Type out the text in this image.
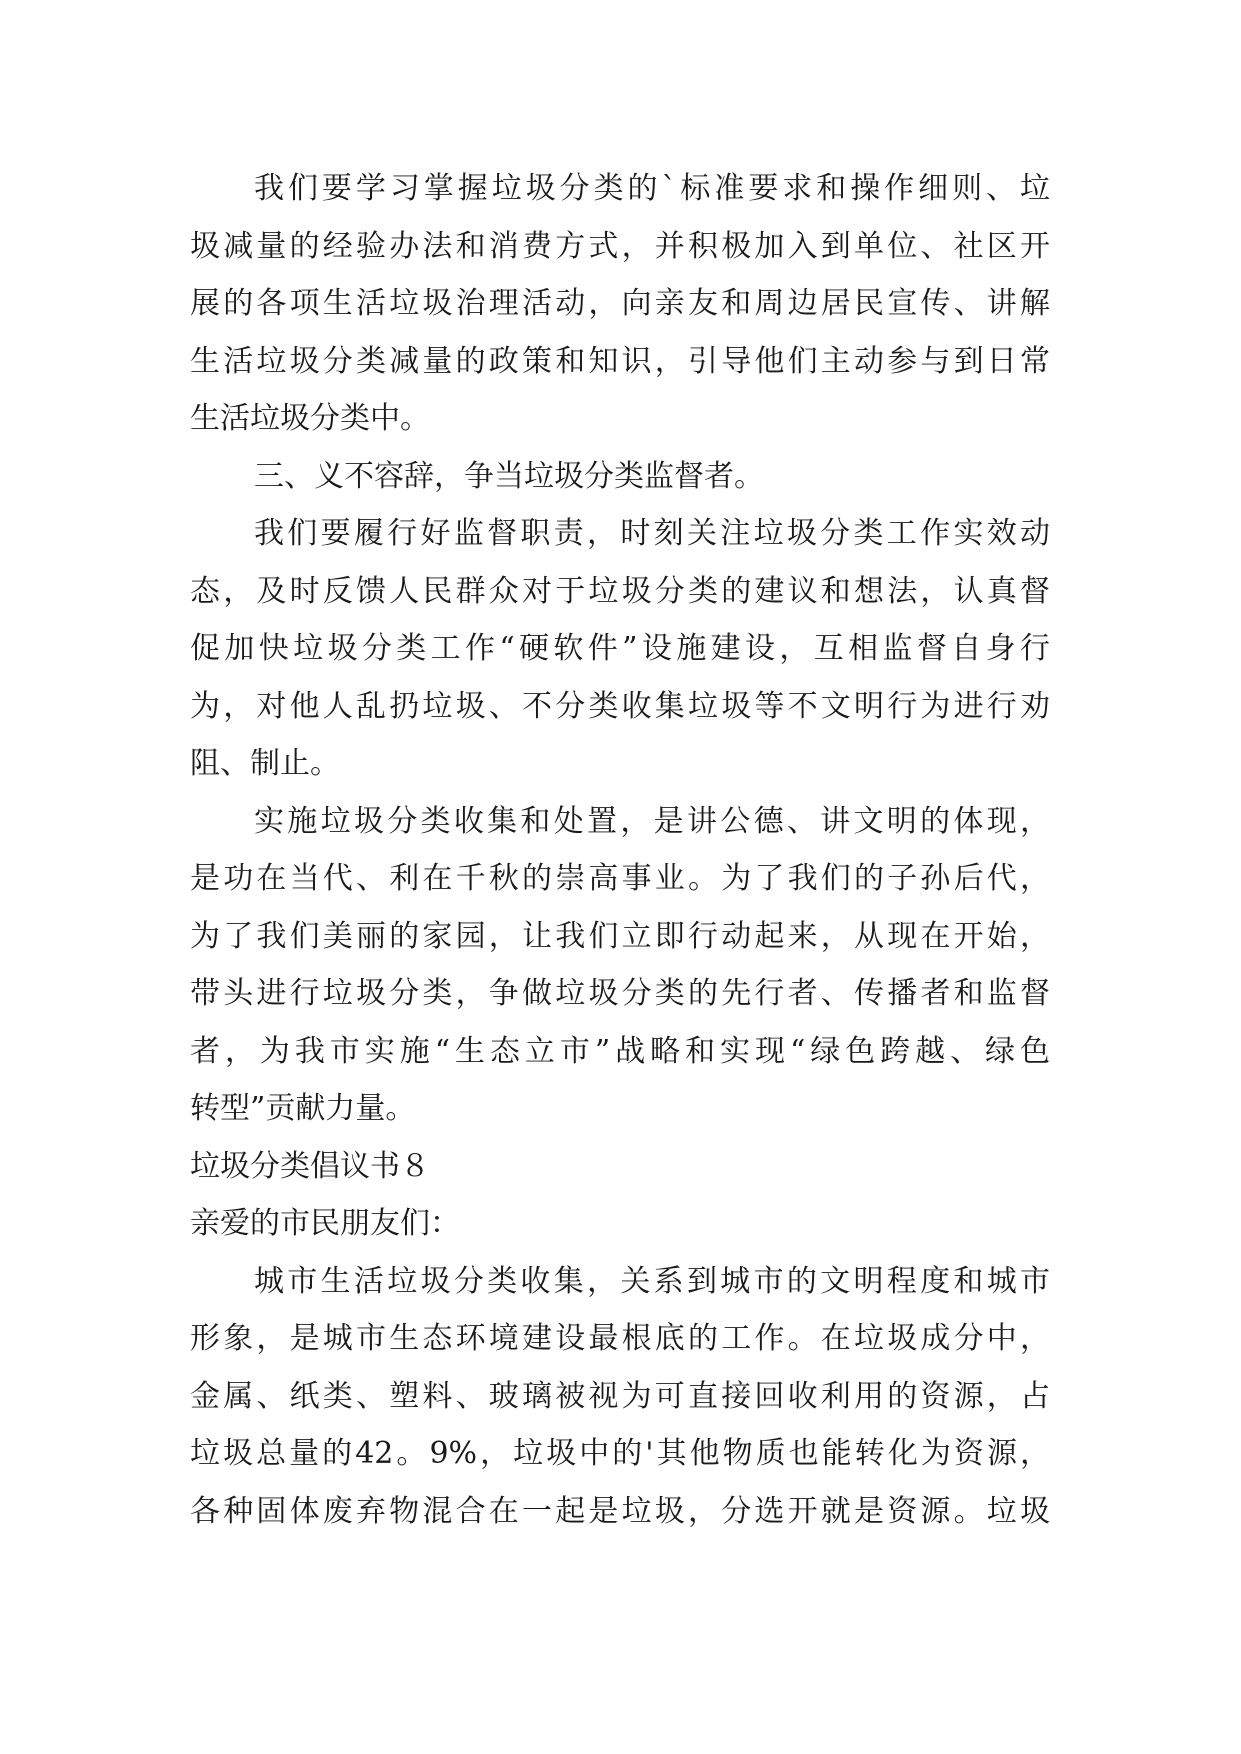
我们要学习掌握垃圾分类的`标准要求和操作细则、垃
圾减量的经验办法和消费方式，并积极加入到单位、社区开
展的各项生活垃圾治理活动，向亲友和周边居民宣传、讲解
生活垃圾分类减量的政策和知识，引导他们主动参与到日常
生活垃圾分类中。
三、义不容辞，争当垃圾分类监督者。
我们要履行好监督职责，时刻关注垃圾分类工作实效动
态，及时反馈人民群众对于垃圾分类的建议和想法，认真督
促加快垃圾分类工作“硬软件”设施建设，互相监督自身行
为，对他人乱扔垃圾、不分类收集垃圾等不文明行为进行劝
阻、制止。
实施垃圾分类收集和处置，是讲公德、讲文明的体现，
是功在当代、利在千秋的崇高事业。为了我们的子孙后代，
为了我们美丽的家园，让我们立即行动起来，从现在开始，
带头进行垃圾分类，争做垃圾分类的先行者、传播者和监督
者，为我市实施“生态立市”战略和实现“绿色跨越、绿色
转型”贡献力量。
垃圾分类倡议书８
亲爱的市民朋友们：
城市生活垃圾分类收集，关系到城市的文明程度和城市
形象，是城市生态环境建设最根底的工作。在垃圾成分中，
金属、纸类、塑料、玻璃被视为可直接回收利用的资源，占
垃圾总量的42。9%，垃圾中的'其他物质也能转化为资源，
各种固体废弃物混合在一起是垃圾，分选开就是资源。垃圾
